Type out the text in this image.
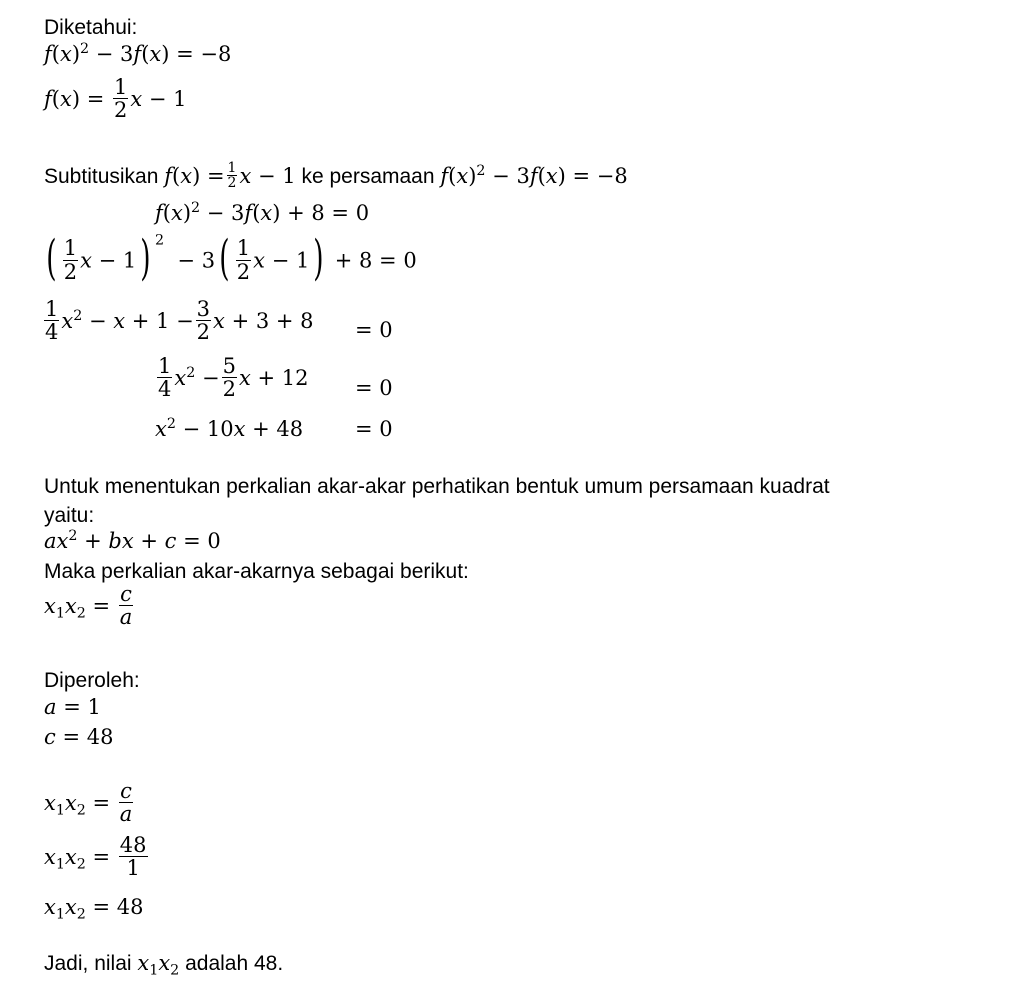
Diketahui:
$f(x)^2 - 3f(x) = -8$
$f(x) = \frac{1}{2}$ x − 1
Subtitusikan $f(x) = \frac{1}{2}$ x − 1 ke persamaan $f(x)^2 - 3f(x) = -8$
$f(x)^2 - 3f(x) + 8 = 0$
( $\frac{1}{2}$ x − 1) $^2 - 3( \frac{1}{2}$ x − 1) + 8 = 0
$\frac{1}{4} x^2 - x + 1 - \frac{3}{2}$ x + 3 + 8 = 0
$\frac{1}{4} x^2 - \frac{5}{2}$ x + 12 = 0
$x^2 - 10x + 48 = 0$
Untuk menentukan perkalian akar-akar perhatikan bentuk umum persamaan kuadrat
yaitu:
$ax^2$ + bx + c = 0
Maka perkalian akar-akarnya sebagai berikut:
$x_1x_2 = \frac{c}{a}$
Diperoleh:
a = 1
c = 48
$x_1x_2 = \frac{c}{a}$
$x_1x_2 = \frac{48}{1}$
$x_1x_2 = 48$
Jadi, nilai $x_1x_2$ adalah 48.
